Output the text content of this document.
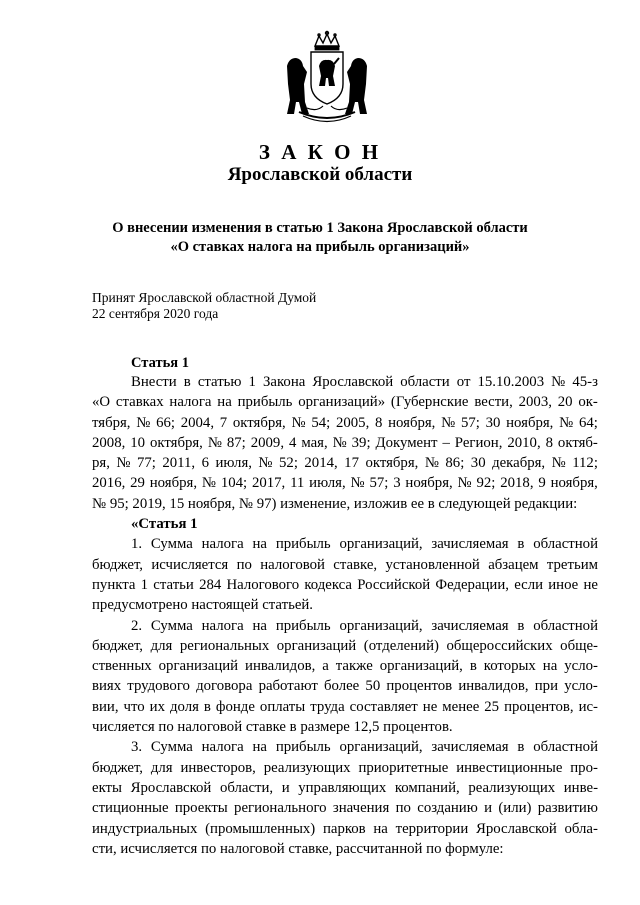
З А К О Н
Ярославской области
О внесении изменения в статью 1 Закона Ярославской области
«О ставках налога на прибыль организаций»
Принят Ярославской областной Думой
22 сентября 2020 года
Статья 1
Внести в статью 1 Закона Ярославской области от 15.10.2003 № 45-з
«О ставках налога на прибыль организаций» (Губернские вести, 2003, 20 ок-
тября, № 66; 2004, 7 октября, № 54; 2005, 8 ноября, № 57; 30 ноября, № 64;
2008, 10 октября, № 87; 2009, 4 мая, № 39; Документ – Регион, 2010, 8 октяб-
ря, № 77; 2011, 6 июля, № 52; 2014, 17 октября, № 86; 30 декабря, № 112;
2016, 29 ноября, № 104; 2017, 11 июля, № 57; 3 ноября, № 92; 2018, 9 ноября,
№ 95; 2019, 15 ноября, № 97) изменение, изложив ее в следующей редакции:
«Статья 1
1. Сумма налога на прибыль организаций, зачисляемая в областной
бюджет, исчисляется по налоговой ставке, установленной абзацем третьим
пункта 1 статьи 284 Налогового кодекса Российской Федерации, если иное не
предусмотрено настоящей статьей.
2. Сумма налога на прибыль организаций, зачисляемая в областной
бюджет, для региональных организаций (отделений) общероссийских обще-
ственных организаций инвалидов, а также организаций, в которых на усло-
виях трудового договора работают более 50 процентов инвалидов, при усло-
вии, что их доля в фонде оплаты труда составляет не менее 25 процентов, ис-
числяется по налоговой ставке в размере 12,5 процентов.
3. Сумма налога на прибыль организаций, зачисляемая в областной
бюджет, для инвесторов, реализующих приоритетные инвестиционные про-
екты Ярославской области, и управляющих компаний, реализующих инве-
стиционные проекты регионального значения по созданию и (или) развитию
индустриальных (промышленных) парков на территории Ярославской обла-
сти, исчисляется по налоговой ставке, рассчитанной по формуле:
